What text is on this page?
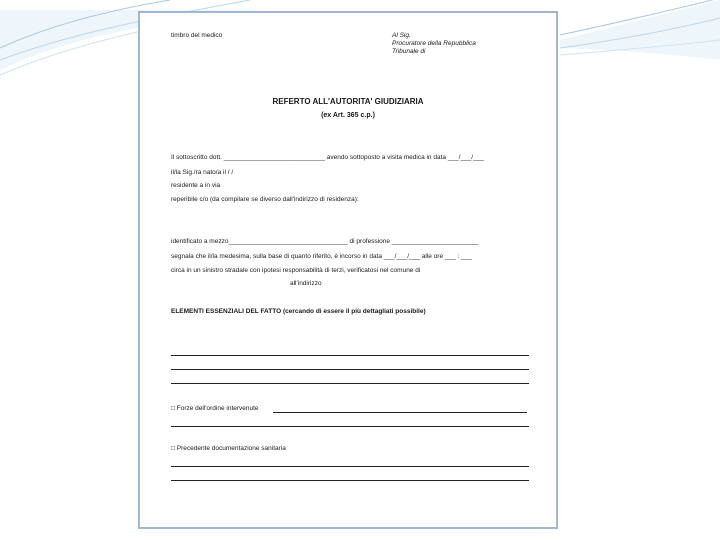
timbro del medico	Al Sig.
Procuratore della Repubblica
Tribunale di
REFERTO ALL'AUTORITA' GIUDIZIARIA
(ex Art. 365 c.p.)
Il sottoscritto dott. ____________________________ avendo sottoposto a visita medica in data ___/___/___
il/la Sig./ra nato/a il / /
residente a in via
reperibile c/o (da compilare se diverso dall'indirizzo di residenza):
identificato a mezzo_________________________________ di professione ________________________
segnala che il/la medesima, sulla base di quanto riferito, è incorso in data ___/___/___ alle ore ___ : ___
circa in un sinistro stradale con ipotesi responsabilità di terzi, verificatosi nel comune di
all'indirizzo
ELEMENTI ESSENZIALI DEL FATTO (cercando di essere il più dettagliati possibile)
□ Forze dell'ordine intervenute
□ Precedente documentazione sanitaria
